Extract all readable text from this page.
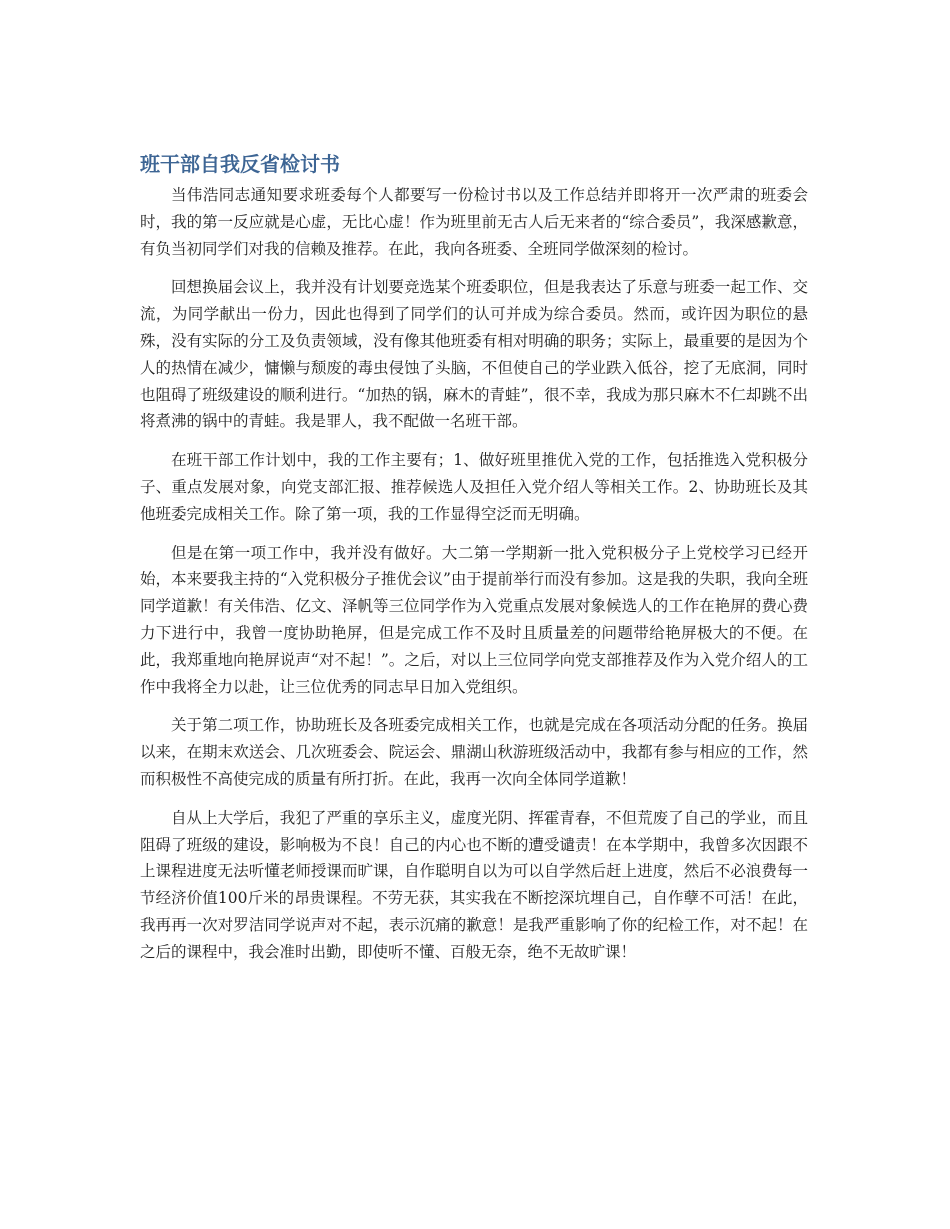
班干部自我反省检讨书

当伟浩同志通知要求班委每个人都要写一份检讨书以及工作总结并即将开一次严肃的班委会时，我的第一反应就是心虚，无比心虚！作为班里前无古人后无来者的“综合委员”，我深感歉意，有负当初同学们对我的信赖及推荐。在此，我向各班委、全班同学做深刻的检讨。

回想换届会议上，我并没有计划要竞选某个班委职位，但是我表达了乐意与班委一起工作、交流，为同学献出一份力，因此也得到了同学们的认可并成为综合委员。然而，或许因为职位的悬殊，没有实际的分工及负责领域，没有像其他班委有相对明确的职务；实际上，最重要的是因为个人的热情在减少，慵懒与颓废的毒虫侵蚀了头脑，不但使自己的学业跌入低谷，挖了无底洞，同时也阻碍了班级建设的顺利进行。“加热的锅，麻木的青蛙”，很不幸，我成为那只麻木不仁却跳不出将煮沸的锅中的青蛙。我是罪人，我不配做一名班干部。

在班干部工作计划中，我的工作主要有；1、做好班里推优入党的工作，包括推选入党积极分子、重点发展对象，向党支部汇报、推荐候选人及担任入党介绍人等相关工作。2、协助班长及其他班委完成相关工作。除了第一项，我的工作显得空泛而无明确。

但是在第一项工作中，我并没有做好。大二第一学期新一批入党积极分子上党校学习已经开始，本来要我主持的“入党积极分子推优会议”由于提前举行而没有参加。这是我的失职，我向全班同学道歉！有关伟浩、亿文、泽帆等三位同学作为入党重点发展对象候选人的工作在艳屏的费心费力下进行中，我曾一度协助艳屏，但是完成工作不及时且质量差的问题带给艳屏极大的不便。在此，我郑重地向艳屏说声“对不起！”。之后，对以上三位同学向党支部推荐及作为入党介绍人的工作中我将全力以赴，让三位优秀的同志早日加入党组织。

关于第二项工作，协助班长及各班委完成相关工作，也就是完成在各项活动分配的任务。换届以来，在期末欢送会、几次班委会、院运会、鼎湖山秋游班级活动中，我都有参与相应的工作，然而积极性不高使完成的质量有所打折。在此，我再一次向全体同学道歉！

自从上大学后，我犯了严重的享乐主义，虚度光阴、挥霍青春，不但荒废了自己的学业，而且阻碍了班级的建设，影响极为不良！自己的内心也不断的遭受谴责！在本学期中，我曾多次因跟不上课程进度无法听懂老师授课而旷课，自作聪明自以为可以自学然后赶上进度，然后不必浪费每一节经济价值100斤米的昂贵课程。不劳无获，其实我在不断挖深坑埋自己，自作孽不可活！在此，我再再一次对罗洁同学说声对不起，表示沉痛的歉意！是我严重影响了你的纪检工作，对不起！在之后的课程中，我会准时出勤，即使听不懂、百般无奈，绝不无故旷课！
